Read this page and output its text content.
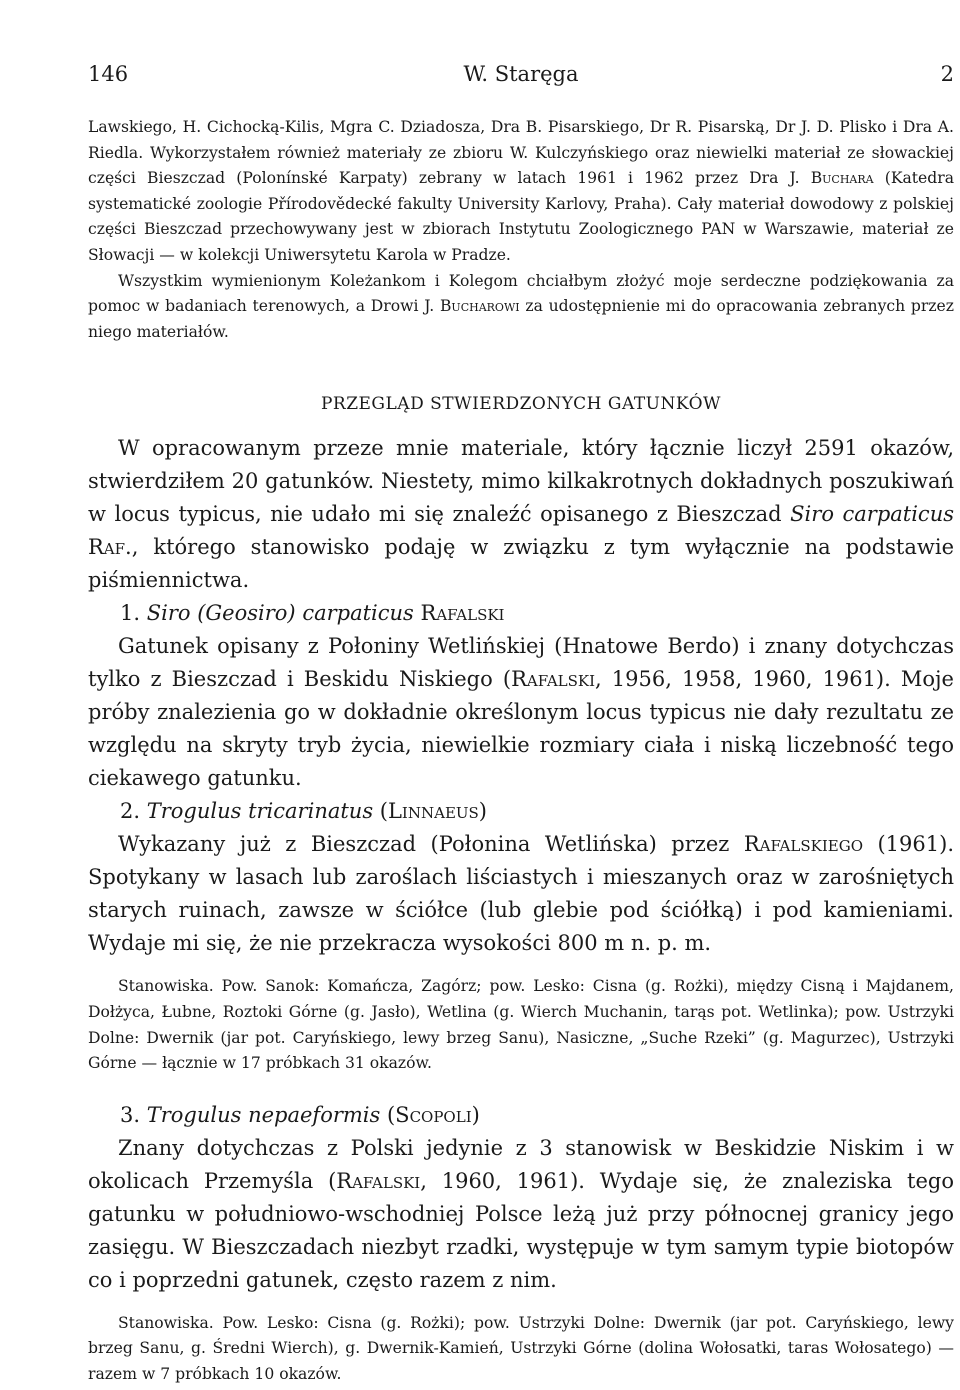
146	W. Staręga	2

Lawskiego, H. Cichocką-Kilis, Mgra C. Dziadosza, Dra B. Pisarskiego, Dr R. Pisarską, Dr J. D. Plisko i Dra A. Riedla. Wykorzystałem również materiały ze zbioru W. Kulczyńskiego oraz niewielki materiał ze słowackiej części Bieszczad (Polonínské Karpaty) zebrany w latach 1961 i 1962 przez Dra J. Buchara (Katedra systematické zoologie Přírodovědecké fakulty University Karlovy, Praha). Cały materiał dowodowy z polskiej części Bieszczad przechowywany jest w zbiorach Instytutu Zoologicznego PAN w Warszawie, materiał ze Słowacji — w kolekcji Uniwersytetu Karola w Pradze.

Wszystkim wymienionym Koleżankom i Kolegom chciałbym złożyć moje serdeczne podziękowania za pomoc w badaniach terenowych, a Drowi J. Bucharowi za udostępnienie mi do opracowania zebranych przez niego materiałów.

PRZEGLĄD STWIERDZONYCH GATUNKÓW

W opracowanym przeze mnie materiale, który łącznie liczył 2591 okazów, stwierdziłem 20 gatunków. Niestety, mimo kilkakrotnych dokładnych poszukiwań w locus typicus, nie udało mi się znaleźć opisanego z Bieszczad Siro carpaticus Raf., którego stanowisko podaję w związku z tym wyłącznie na podstawie piśmiennictwa.

1. Siro (Geosiro) carpaticus Rafalski

Gatunek opisany z Połoniny Wetlińskiej (Hnatowe Berdo) i znany dotychczas tylko z Bieszczad i Beskidu Niskiego (Rafalski, 1956, 1958, 1960, 1961). Moje próby znalezienia go w dokładnie określonym locus typicus nie dały rezultatu ze względu na skryty tryb życia, niewielkie rozmiary ciała i niską liczebność tego ciekawego gatunku.

2. Trogulus tricarinatus (Linnaeus)

Wykazany już z Bieszczad (Połonina Wetlińska) przez Rafalskiego (1961). Spotykany w lasach lub zaroślach liściastych i mieszanych oraz w zarośniętych starych ruinach, zawsze w ściółce (lub glebie pod ściółką) i pod kamieniami. Wydaje mi się, że nie przekracza wysokości 800 m n. p. m.

Stanowiska. Pow. Sanok: Komańcza, Zagórz; pow. Lesko: Cisna (g. Rożki), między Cisną i Majdanem, Dołżyca, Łubne, Roztoki Górne (g. Jasło), Wetlina (g. Wierch Muchanin, tarąs pot. Wetlinka); pow. Ustrzyki Dolne: Dwernik (jar pot. Caryńskiego, lewy brzeg Sanu), Nasiczne, „Suche Rzeki” (g. Magurzec), Ustrzyki Górne — łącznie w 17 próbkach 31 okazów.

3. Trogulus nepaeformis (Scopoli)

Znany dotychczas z Polski jedynie z 3 stanowisk w Beskidzie Niskim i w okolicach Przemyśla (Rafalski, 1960, 1961). Wydaje się, że znaleziska tego gatunku w południowo-wschodniej Polsce leżą już przy północnej granicy jego zasięgu. W Bieszczadach niezbyt rzadki, występuje w tym samym typie biotopów co i poprzedni gatunek, często razem z nim.

Stanowiska. Pow. Lesko: Cisna (g. Rożki); pow. Ustrzyki Dolne: Dwernik (jar pot. Caryńskiego, lewy brzeg Sanu, g. Średni Wierch), g. Dwernik-Kamień, Ustrzyki Górne (dolina Wołosatki, taras Wołosatego) — razem w 7 próbkach 10 okazów.
